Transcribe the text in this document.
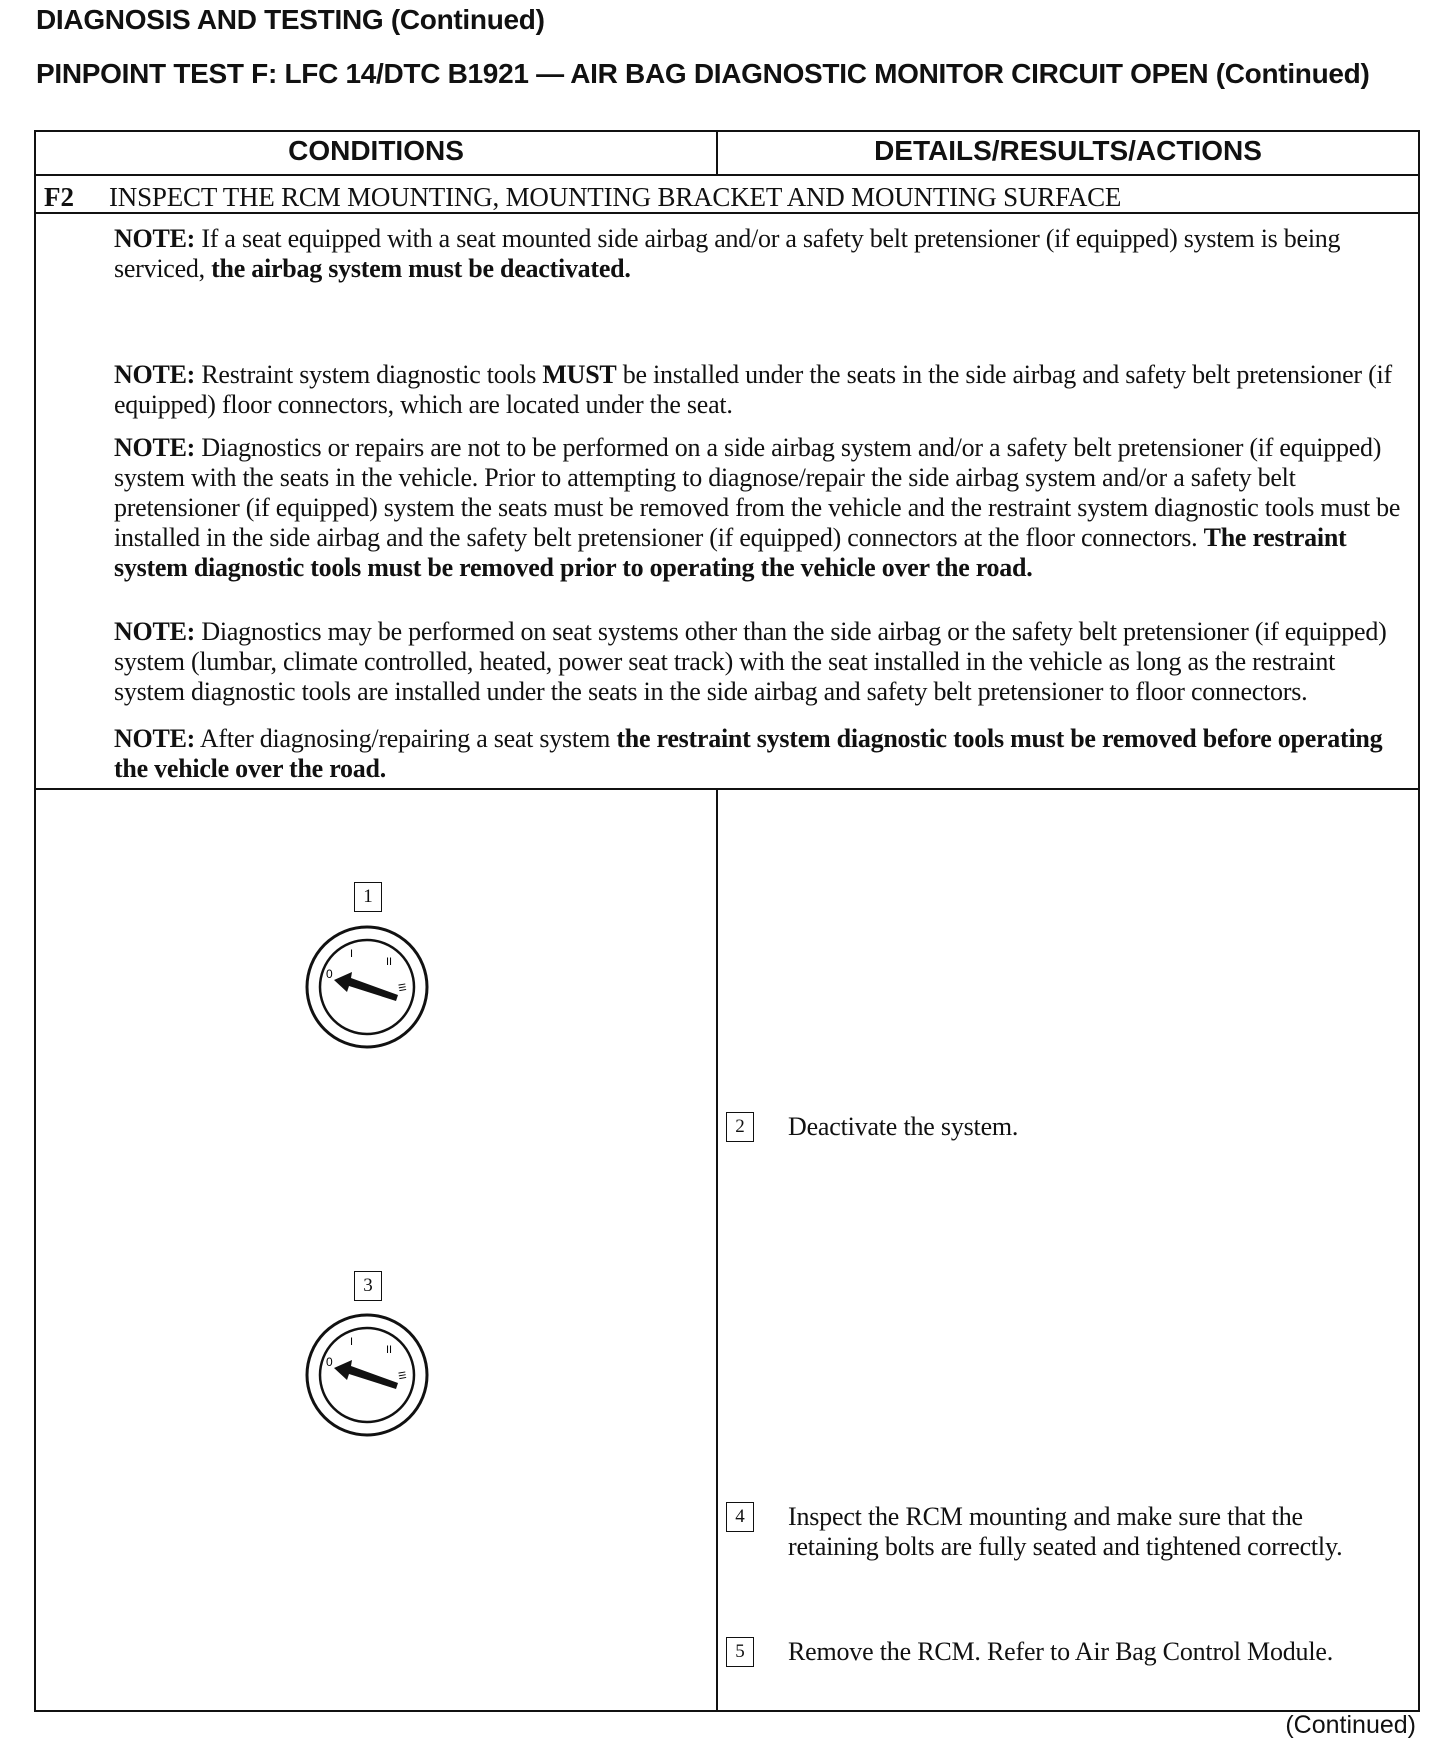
DIAGNOSIS AND TESTING (Continued)
PINPOINT TEST F: LFC 14/DTC B1921 — AIR BAG DIAGNOSTIC MONITOR CIRCUIT OPEN (Continued)
CONDITIONS	DETAILS/RESULTS/ACTIONS
F2 INSPECT THE RCM MOUNTING, MOUNTING BRACKET AND MOUNTING SURFACE
NOTE: If a seat equipped with a seat mounted side airbag and/or a safety belt pretensioner (if equipped) system is being serviced, the airbag system must be deactivated.
NOTE: Restraint system diagnostic tools MUST be installed under the seats in the side airbag and safety belt pretensioner (if equipped) floor connectors, which are located under the seat.
NOTE: Diagnostics or repairs are not to be performed on a side airbag system and/or a safety belt pretensioner (if equipped) system with the seats in the vehicle. Prior to attempting to diagnose/repair the side airbag system and/or a safety belt pretensioner (if equipped) system the seats must be removed from the vehicle and the restraint system diagnostic tools must be installed in the side airbag and the safety belt pretensioner (if equipped) connectors at the floor connectors. The restraint system diagnostic tools must be removed prior to operating the vehicle over the road.
NOTE: Diagnostics may be performed on seat systems other than the side airbag or the safety belt pretensioner (if equipped) system (lumbar, climate controlled, heated, power seat track) with the seat installed in the vehicle as long as the restraint system diagnostic tools are installed under the seats in the side airbag and safety belt pretensioner to floor connectors.
NOTE: After diagnosing/repairing a seat system the restraint system diagnostic tools must be removed before operating the vehicle over the road.
1
0
I
II
III
3
0
I
II
III
2	Deactivate the system.
4	Inspect the RCM mounting and make sure that the retaining bolts are fully seated and tightened correctly.
5	Remove the RCM. Refer to Air Bag Control Module.
(Continued)
